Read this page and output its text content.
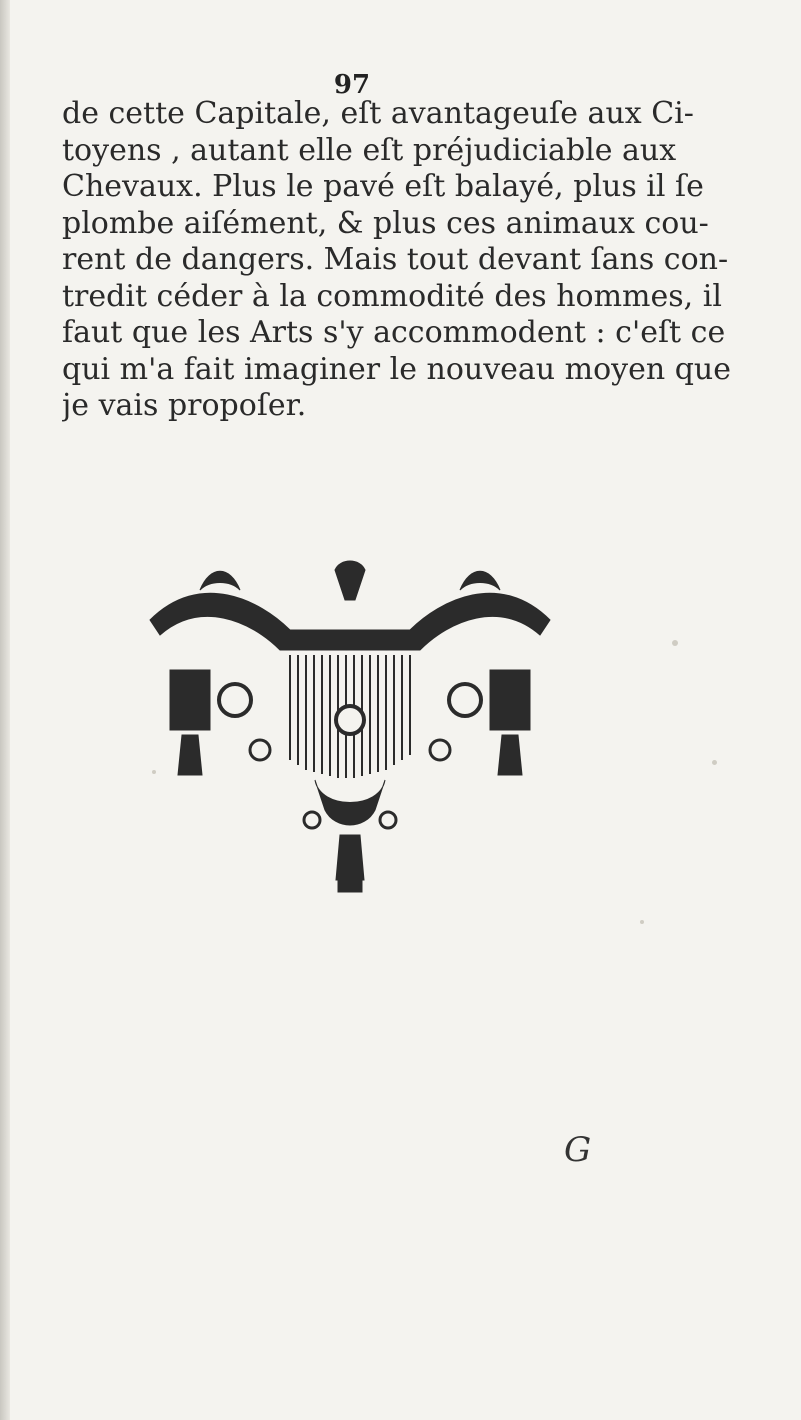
97
de cette Capitale, eſt avantageuſe aux Ci-
toyens , autant elle eſt préjudiciable aux
Chevaux. Plus le pavé eſt balayé, plus il ſe
plombe aiſément, & plus ces animaux cou-
rent de dangers. Mais tout devant ſans con-
tredit céder à la commodité des hommes, il
faut que les Arts s'y accommodent : c'eſt ce
qui m'a fait imaginer le nouveau moyen que
je vais propoſer.
G
